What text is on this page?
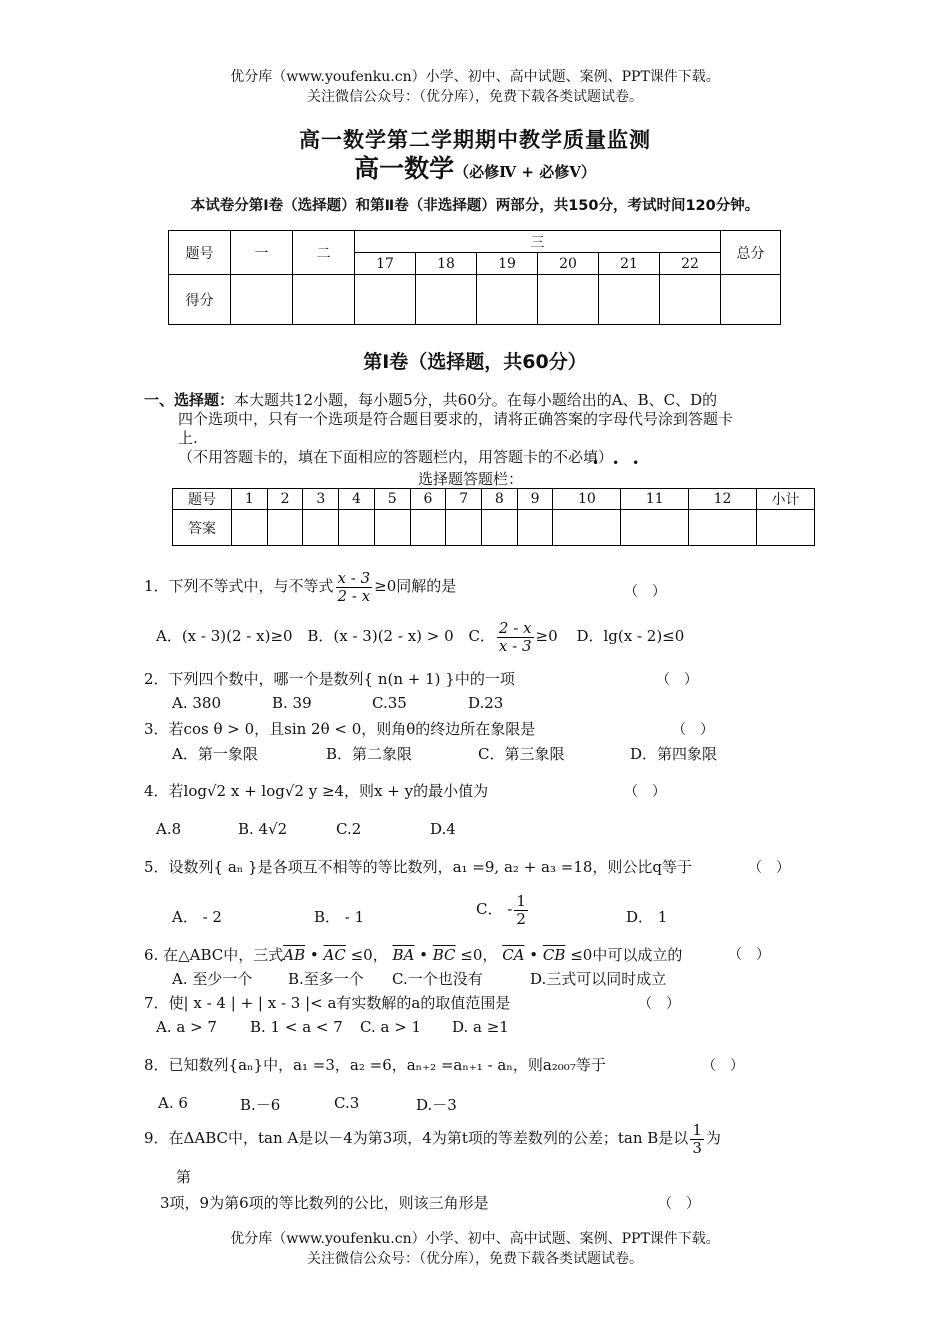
优分库（www.youfenku.cn）小学、初中、高中试题、案例、PPT课件下载。
关注微信公众号：（优分库），免费下载各类试题试卷。
高一数学第二学期期中教学质量监测
高一数学（必修Ⅳ + 必修Ⅴ）
本试卷分第Ⅰ卷（选择题）和第Ⅱ卷（非选择题）两部分，共150分，考试时间120分钟。
题号	一	二	三						总分
			17	18	19	20	21	22	
得分									
第Ⅰ卷（选择题，共60分）
一、选择题：本大题共12小题，每小题5分，共60分。在每小题给出的A、B、C、D的
四个选项中，只有一个选项是符合题目要求的，请将正确答案的字母代号涂到答题卡
上.
（不用答题卡的，填在下面相应的答题栏内，用答题卡的不必填）
•••
选择题答题栏：
题号	1	2	3	4	5	6	7	8	9	10	11	12	小计
答案													
1．下列不等式中，与不等式 $\frac{x - 3}{2 - x} \ge 0$同解的是	（　）
A．(x - 3)(2 - x)≥0 B．(x - 3)(2 - x) > 0 C． $\frac{2 - x}{x - 3} \ge 0$ D．lg(x - 2)≤0
2．下列四个数中，哪一个是数列{ n(n + 1) }中的一项	（　）
A. 380	B. 39	C.35	D.23
3．若cos θ > 0，且sin 2θ < 0，则角θ的终边所在象限是	（　）
A．第一象限	B．第二象限	C．第三象限	D．第四象限
4．若log√2 x + log√2 y ≥4，则x + y的最小值为	（　）
A.8	B. 4√2	C.2	D.4
5．设数列{ aₙ }是各项互不相等的等比数列，a₁ =9, a₂ + a₃ =18，则公比q等于	（　）
A． - 2	B． - 1	C． - $\frac{1}{2}$	D． 1
6. 在△ABC中，三式$\overline{AB}$ • $\overline{AC} \le 0$， $\overline{BA}$ • $\overline{BC} \le 0$， $\overline{CA}$ • $\overline{CB} \le 0$中可以成立的	（　）
A. 至少一个 B.至多一个 C.一个也没有	D.三式可以同时成立
7．使| x - 4 | + | x - 3 |< a有实数解的a的取值范围是	（　）
A. a > 7 B. 1 < a < 7 C. a > 1 D. a ≥1
8．已知数列{aₙ}中，a₁ =3，a₂ =6，aₙ₊₂ =aₙ₊₁ - aₙ，则a₂₀₀₇等于	（　）
A. 6	B.－6	C.3	D.－3
9．在ΔABC中，tan A是以－4为第3项，4为第t项的等差数列的公差；tan B是以 $\frac{1}{3}$ 为
第
3项，9为第6项的等比数列的公比，则该三角形是	（　）
优分库（www.youfenku.cn）小学、初中、高中试题、案例、PPT课件下载。
关注微信公众号：（优分库），免费下载各类试题试卷。
